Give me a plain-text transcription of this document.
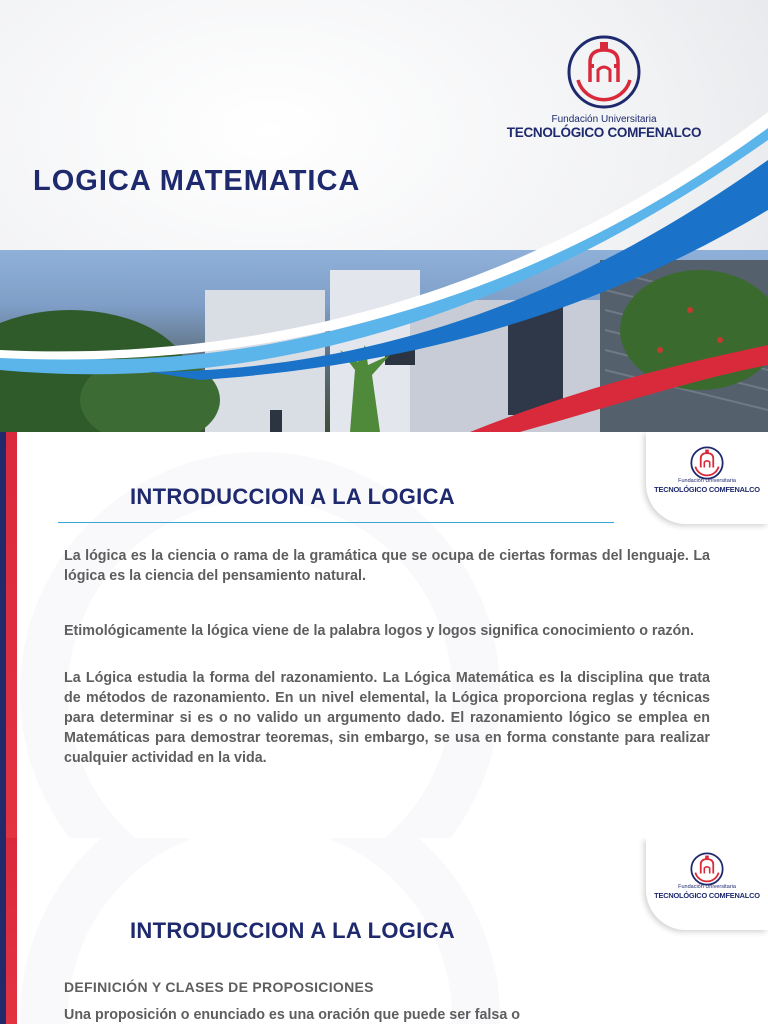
LOGICA MATEMATICA
Fundación Universitaria
TECNOLÓGICO COMFENALCO
Fundación Universitaria
TECNOLÓGICO COMFENALCO
INTRODUCCION A LA LOGICA

La lógica es la ciencia o rama de la gramática que se ocupa de ciertas formas del lenguaje. La lógica es la ciencia del pensamiento natural.

Etimológicamente la lógica viene de la palabra logos y logos significa conocimiento o razón.

La Lógica estudia la forma del razonamiento. La Lógica Matemática es la disciplina que trata de métodos de razonamiento. En un nivel elemental, la Lógica proporciona reglas y técnicas para determinar si es o no valido un argumento dado. El razonamiento lógico se emplea en Matemáticas para demostrar teoremas, sin embargo, se usa en forma constante para realizar cualquier actividad en la vida.

Fundación Universitaria
TECNOLÓGICO COMFENALCO
INTRODUCCION A LA LOGICA
DEFINICIÓN Y CLASES DE PROPOSICIONES

Una proposición o enunciado es una oración que puede ser falsa o
